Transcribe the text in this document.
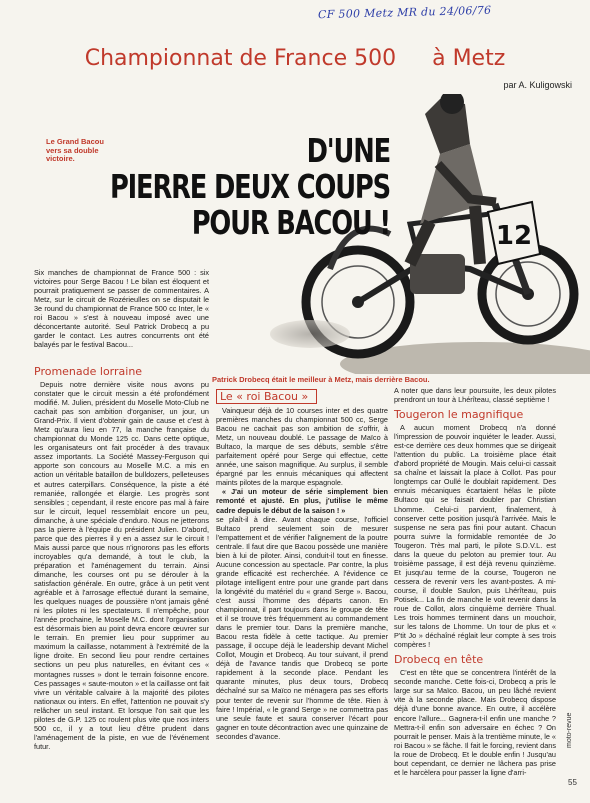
CF 500 Metz MR du 24/06/76
Championnat de France 500 à Metz
par A. Kuligowski
Le Grand Bacou vers sa double victoire.
12
D'UNE
PIERRE DEUX COUPS
POUR BACOU !
Six manches de championnat de France 500 : six victoires pour Serge Bacou ! Le bilan est éloquent et pourrait pratiquement se passer de commentaires. A Metz, sur le circuit de Rozérieulles on se disputait le 3e round du championnat de France 500 cc Inter, le « roi Bacou » s'est à nouveau imposé avec une déconcertante autorité. Seul Patrick Drobecq a pu garder le contact. Les autres concurrents ont été balayés par le festival Bacou...
Patrick Drobecq était le meilleur à Metz, mais derrière Bacou.
Promenade lorraine

Depuis notre dernière visite nous avons pu constater que le circuit messin a été profondément modifié. M. Julien, président du Moselle Moto-Club ne cachait pas son ambition d'organiser, un jour, un Grand-Prix. Il vient d'obtenir gain de cause et c'est à Metz qu'aura lieu en 77, la manche française du championnat du Monde 125 cc. Dans cette optique, les organisateurs ont fait procéder à des travaux assez importants. La Société Massey-Ferguson qui apporte son concours au Moselle M.C. a mis en action un véritable bataillon de bulldozers, pelleteuses et autres caterpillars. Conséquence, la piste a été remaniée, rallongée et élargie. Les progrès sont sensibles ; cependant, il reste encore pas mal à faire sur le circuit, lequel ressemblait encore un peu, dimanche, à une spéciale d'enduro. Nous ne jetterons pas la pierre à l'équipe du président Julien. D'abord, parce que des pierres il y en a assez sur le circuit ! Mais aussi parce que nous n'ignorons pas les efforts incroyables qu'a demandé, à tout le club, la préparation et l'aménagement du terrain. Ainsi dimanche, les courses ont pu se dérouler à la satisfaction générale. En outre, grâce à un petit vent agréable et à l'arrosage effectué durant la semaine, les quelques nuages de poussière n'ont jamais gêné ni les pilotes ni les spectateurs. Il n'empêche, pour l'année prochaine, le Moselle M.C. dont l'organisation est désormais bien au point devra encore œuvrer sur le terrain. En premier lieu pour supprimer au maximum la caillasse, notamment à l'extrémité de la ligne droite. En second lieu pour rendre certaines sections un peu plus naturelles, en évitant ces « montagnes russes » dont le terrain foisonne encore. Ces passages « saute-mouton » et la caillasse ont fait vivre un véritable calvaire à la majorité des pilotes nationaux ou inters. En effet, l'attention ne pouvait s'y relâcher un seul instant. Et lorsque l'on sait que les pilotes de G.P. 125 cc roulent plus vite que nos inters 500 cc, il y a tout lieu d'être prudent dans l'aménagement de la piste, en vue de l'événement futur.

Le « roi Bacou »

Vainqueur déjà de 10 courses inter et des quatre premières manches du championnat 500 cc, Serge Bacou ne cachait pas son ambition de s'offrir, à Metz, un nouveau doublé. Le passage de Maïco à Bultaco, la marque de ses débuts, semble s'être parfaitement opéré pour Serge qui effectue, cette année, une saison magnifique. Au surplus, il semble épargné par les ennuis mécaniques qui affectent maints pilotes de la marque espagnole.

« J'ai un moteur de série simplement bien remonté et ajusté. En plus, j'utilise le même cadre depuis le début de la saison ! »

se plaît-il à dire. Avant chaque course, l'officiel Bultaco prend seulement soin de mesurer l'empattement et de vérifier l'alignement de la poutre centrale. Il faut dire que Bacou possède une manière bien à lui de piloter. Ainsi, conduit-il tout en finesse. Aucune concession au spectacle. Par contre, la plus grande efficacité est recherchée. A l'évidence ce pilotage intelligent entre pour une grande part dans la longévité du matériel du « grand Serge ». Bacou, c'est aussi l'homme des départs canon. En championnat, il part toujours dans le groupe de tête et il se trouve très fréquemment au commandement dans le premier tour. Dans la première manche, Bacou resta fidèle à cette tactique. Au premier passage, il occupe déjà le leadership devant Michel Collot, Mougin et Drobecq. Au tour suivant, il prend déjà de l'avance tandis que Drobecq se porte rapidement à la seconde place. Pendant les quarante minutes, plus deux tours, Drobecq déchaîné sur sa Maïco ne ménagera pas ses efforts pour tenter de revenir sur l'homme de tête. Rien à faire ! Impérial, « le grand Serge » ne commettra pas une seule faute et saura conserver l'écart pour gagner en toute décontraction avec une quinzaine de secondes d'avance.

A noter que dans leur poursuite, les deux pilotes prendront un tour à Lhérîteau, classé septième !

Tougeron le magnifique

A aucun moment Drobecq n'a donné l'impression de pouvoir inquiéter le leader. Aussi, est-ce derrière ces deux hommes que se dirigeait l'attention du public. La troisième place était d'abord propriété de Mougin. Mais celui-ci cassait sa chaîne et laissait la place à Collot. Pas pour longtemps car Oullé le doublait rapidement. Des ennuis mécaniques écartaient hélas le pilote Bultaco qui se faisait doubler par Christian Lhomme. Celui-ci parvient, finalement, à conserver cette position jusqu'à l'arrivée. Mais le suspense ne sera pas fini pour autant. Chacun pourra suivre la formidable remontée de Jo Tougeron. Très mal parti, le pilote S.D.V.L. est dans la queue du peloton au premier tour. Au troisième passage, il est déjà revenu quinzième. Et jusqu'au terme de la course, Tougeron ne cessera de revenir vers les avant-postes. A mi-course, il double Saulon, puis Lhérîteau, puis Potisek... La fin de manche le voit revenir dans la roue de Collot, alors cinquième derrière Thual. Les trois hommes terminent dans un mouchoir, sur les talons de Lhomme. Un tour de plus et « P'tit Jo » déchaîné réglait leur compte à ses trois compères !

Drobecq en tête

C'est en tête que se concentrera l'intérêt de la seconde manche. Cette fois-ci, Drobecq a pris le large sur sa Maïco. Bacou, un peu lâché revient vite à la seconde place. Mais Drobecq dispose déjà d'une bonne avance. En outre, il accélère encore l'allure... Gagnera-t-il enfin une manche ? Mettra-t-il enfin son adversaire en échec ? On pourrait le penser. Mais à la trentième minute, le « roi Bacou » se fâche. Il fait le forcing, revient dans la roue de Drobecq. Et le double enfin ! Jusqu'au bout cependant, ce dernier ne lâchera pas prise et le harcèlera pour passer la ligne d'arri-

moto-revue
55
